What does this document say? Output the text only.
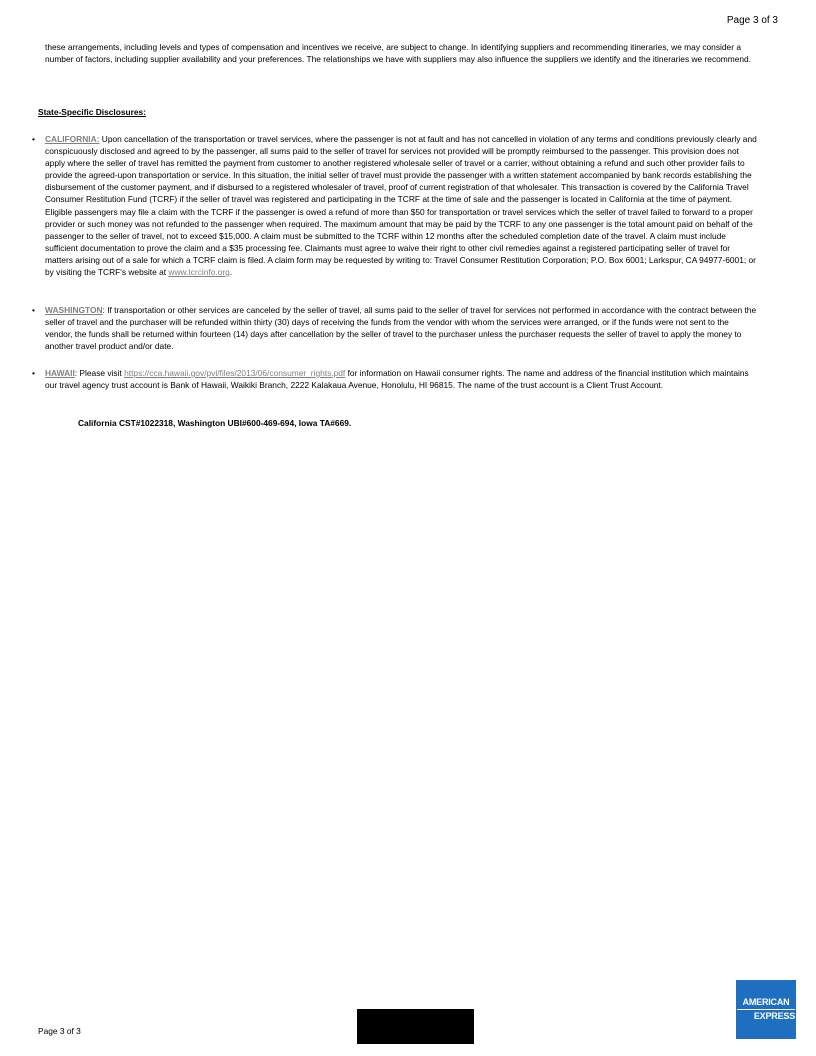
Page 3 of 3

these arrangements, including levels and types of compensation and incentives we receive, are subject to change. In identifying suppliers and recommending itineraries, we may consider a number of factors, including supplier availability and your preferences. The relationships we have with suppliers may also influence the suppliers we identify and the itineraries we recommend.

State-Specific Disclosures:

• CALIFORNIA: Upon cancellation of the transportation or travel services, where the passenger is not at fault and has not cancelled in violation of any terms and conditions previously clearly and conspicuously disclosed and agreed to by the passenger, all sums paid to the seller of travel for services not provided will be promptly reimbursed to the passenger. This provision does not apply where the seller of travel has remitted the payment from customer to another registered wholesale seller of travel or a carrier, without obtaining a refund and such other provider fails to provide the agreed-upon transportation or service. In this situation, the initial seller of travel must provide the passenger with a written statement accompanied by bank records establishing the disbursement of the customer payment, and if disbursed to a registered wholesaler of travel, proof of current registration of that wholesaler. This transaction is covered by the California Travel Consumer Restitution Fund (TCRF) if the seller of travel was registered and participating in the TCRF at the time of sale and the passenger is located in California at the time of payment. Eligible passengers may file a claim with the TCRF if the passenger is owed a refund of more than $50 for transportation or travel services which the seller of travel failed to forward to a proper provider or such money was not refunded to the passenger when required. The maximum amount that may be paid by the TCRF to any one passenger is the total amount paid on behalf of the passenger to the seller of travel, not to exceed $15,000. A claim must be submitted to the TCRF within 12 months after the scheduled completion date of the travel. A claim must include sufficient documentation to prove the claim and a $35 processing fee. Claimants must agree to waive their right to other civil remedies against a registered participating seller of travel for matters arising out of a sale for which a TCRF claim is filed. A claim form may be requested by writing to: Travel Consumer Restitution Corporation; P.O. Box 6001; Larkspur, CA 94977-6001; or by visiting the TCRF's website at www.tcrcinfo.org.

• WASHINGTON: If transportation or other services are canceled by the seller of travel, all sums paid to the seller of travel for services not performed in accordance with the contract between the seller of travel and the purchaser will be refunded within thirty (30) days of receiving the funds from the vendor with whom the services were arranged, or if the funds were not sent to the vendor, the funds shall be returned within fourteen (14) days after cancellation by the seller of travel to the purchaser unless the purchaser requests the seller of travel to apply the money to another travel product and/or date.

• HAWAII: Please visit https://cca.hawaii.gov/pvl/files/2013/06/consumer_rights.pdf for information on Hawaii consumer rights. The name and address of the financial institution which maintains our travel agency trust account is Bank of Hawaii, Waikiki Branch, 2222 Kalakaua Avenue, Honolulu, HI 96815. The name of the trust account is a Client Trust Account.

California CST#1022318, Washington UBI#600-469-694, Iowa TA#669.

Page 3 of 3
AMERICAN
EXPRESS
